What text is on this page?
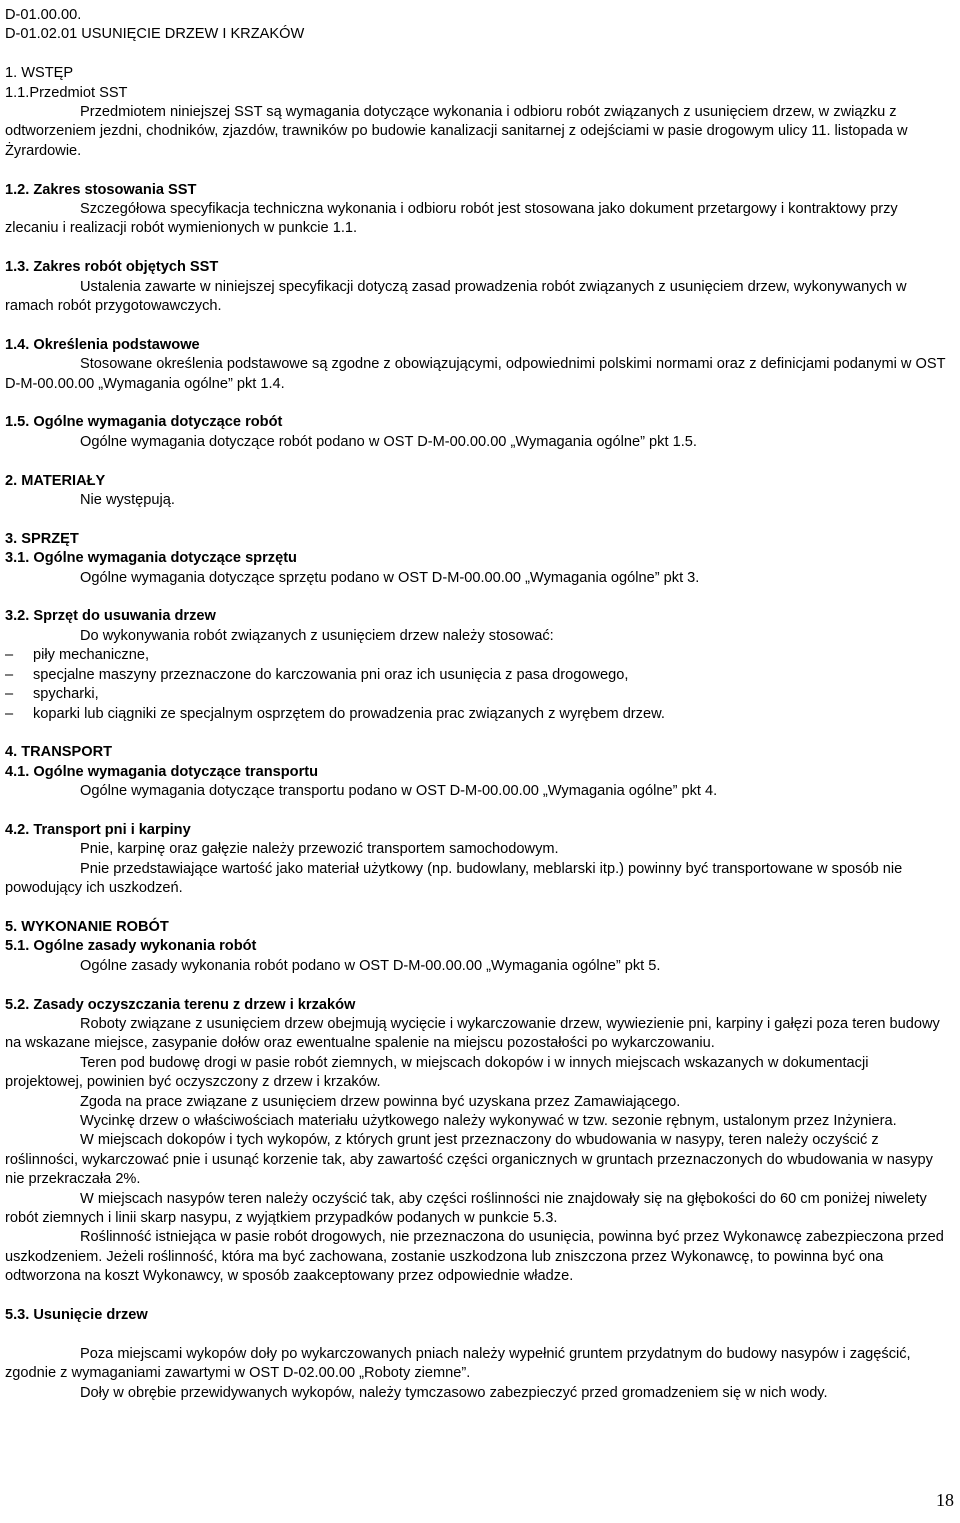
D-01.00.00.

D-01.02.01 USUNIĘCIE DRZEW I KRZAKÓW

1. WSTĘP

1.1.Przedmiot SST

Przedmiotem niniejszej SST są wymagania dotyczące wykonania i odbioru robót związanych z usunięciem drzew, w związku z odtworzeniem jezdni, chodników, zjazdów, trawników po budowie kanalizacji sanitarnej z odejściami w pasie drogowym ulicy 11. listopada w Żyrardowie.

1.2. Zakres stosowania SST

Szczegółowa specyfikacja techniczna wykonania i odbioru robót jest stosowana jako dokument przetargowy i kontraktowy przy zlecaniu i realizacji robót wymienionych w punkcie 1.1.

1.3. Zakres robót objętych SST

Ustalenia zawarte w niniejszej specyfikacji dotyczą zasad prowadzenia robót związanych z usunięciem drzew, wykonywanych w ramach robót przygotowawczych.

1.4. Określenia podstawowe

Stosowane określenia podstawowe są zgodne z obowiązującymi, odpowiednimi polskimi normami oraz z definicjami podanymi w OST D-M-00.00.00 „Wymagania ogólne” pkt 1.4.

1.5. Ogólne wymagania dotyczące robót

Ogólne wymagania dotyczące robót podano w OST D-M-00.00.00 „Wymagania ogólne” pkt 1.5.

2. MATERIAŁY

Nie występują.

3. SPRZĘT

3.1. Ogólne wymagania dotyczące sprzętu

Ogólne wymagania dotyczące sprzętu podano w OST D-M-00.00.00 „Wymagania ogólne” pkt 3.

3.2. Sprzęt do usuwania drzew

Do wykonywania robót związanych z usunięciem drzew należy stosować:

– piły mechaniczne,

– specjalne maszyny przeznaczone do karczowania pni oraz ich usunięcia z pasa drogowego,

– spycharki,

– koparki lub ciągniki ze specjalnym osprzętem do prowadzenia prac związanych z wyrębem drzew.

4. TRANSPORT

4.1. Ogólne wymagania dotyczące transportu

Ogólne wymagania dotyczące transportu podano w OST D-M-00.00.00 „Wymagania ogólne” pkt 4.

4.2. Transport pni i karpiny

Pnie, karpinę oraz gałęzie należy przewozić transportem samochodowym.

Pnie przedstawiające wartość jako materiał użytkowy (np. budowlany, meblarski itp.) powinny być transportowane w sposób nie powodujący ich uszkodzeń.

5. WYKONANIE ROBÓT

5.1. Ogólne zasady wykonania robót

Ogólne zasady wykonania robót podano w OST D-M-00.00.00 „Wymagania ogólne” pkt 5.

5.2. Zasady oczyszczania terenu z drzew i krzaków

Roboty związane z usunięciem drzew obejmują wycięcie i wykarczowanie drzew, wywiezienie pni, karpiny i gałęzi poza teren budowy na wskazane miejsce, zasypanie dołów oraz ewentualne spalenie na miejscu pozostałości po wykarczowaniu.

Teren pod budowę drogi w pasie robót ziemnych, w miejscach dokopów i w innych miejscach wskazanych w dokumentacji projektowej, powinien być oczyszczony z drzew i krzaków.

Zgoda na prace związane z usunięciem drzew powinna być uzyskana przez Zamawiającego.

Wycinkę drzew o właściwościach materiału użytkowego należy wykonywać w tzw. sezonie rębnym, ustalonym przez Inżyniera.

W miejscach dokopów i tych wykopów, z których grunt jest przeznaczony do wbudowania w nasypy, teren należy oczyścić z roślinności, wykarczować pnie i usunąć korzenie tak, aby zawartość części organicznych w gruntach przeznaczonych do wbudowania w nasypy nie przekraczała 2%.

W miejscach nasypów teren należy oczyścić tak, aby części roślinności nie znajdowały się na głębokości do 60 cm poniżej niwelety robót ziemnych i linii skarp nasypu, z wyjątkiem przypadków podanych w punkcie 5.3.

Roślinność istniejąca w pasie robót drogowych, nie przeznaczona do usunięcia, powinna być przez Wykonawcę zabezpieczona przed uszkodzeniem. Jeżeli roślinność, która ma być zachowana, zostanie uszkodzona lub zniszczona przez Wykonawcę, to powinna być ona odtworzona na koszt Wykonawcy, w sposób zaakceptowany przez odpowiednie władze.

5.3. Usunięcie drzew

Poza miejscami wykopów doły po wykarczowanych pniach należy wypełnić gruntem przydatnym do budowy nasypów i zagęścić, zgodnie z wymaganiami zawartymi w OST D-02.00.00 „Roboty ziemne”.

Doły w obrębie przewidywanych wykopów, należy tymczasowo zabezpieczyć przed gromadzeniem się w nich wody.

18
